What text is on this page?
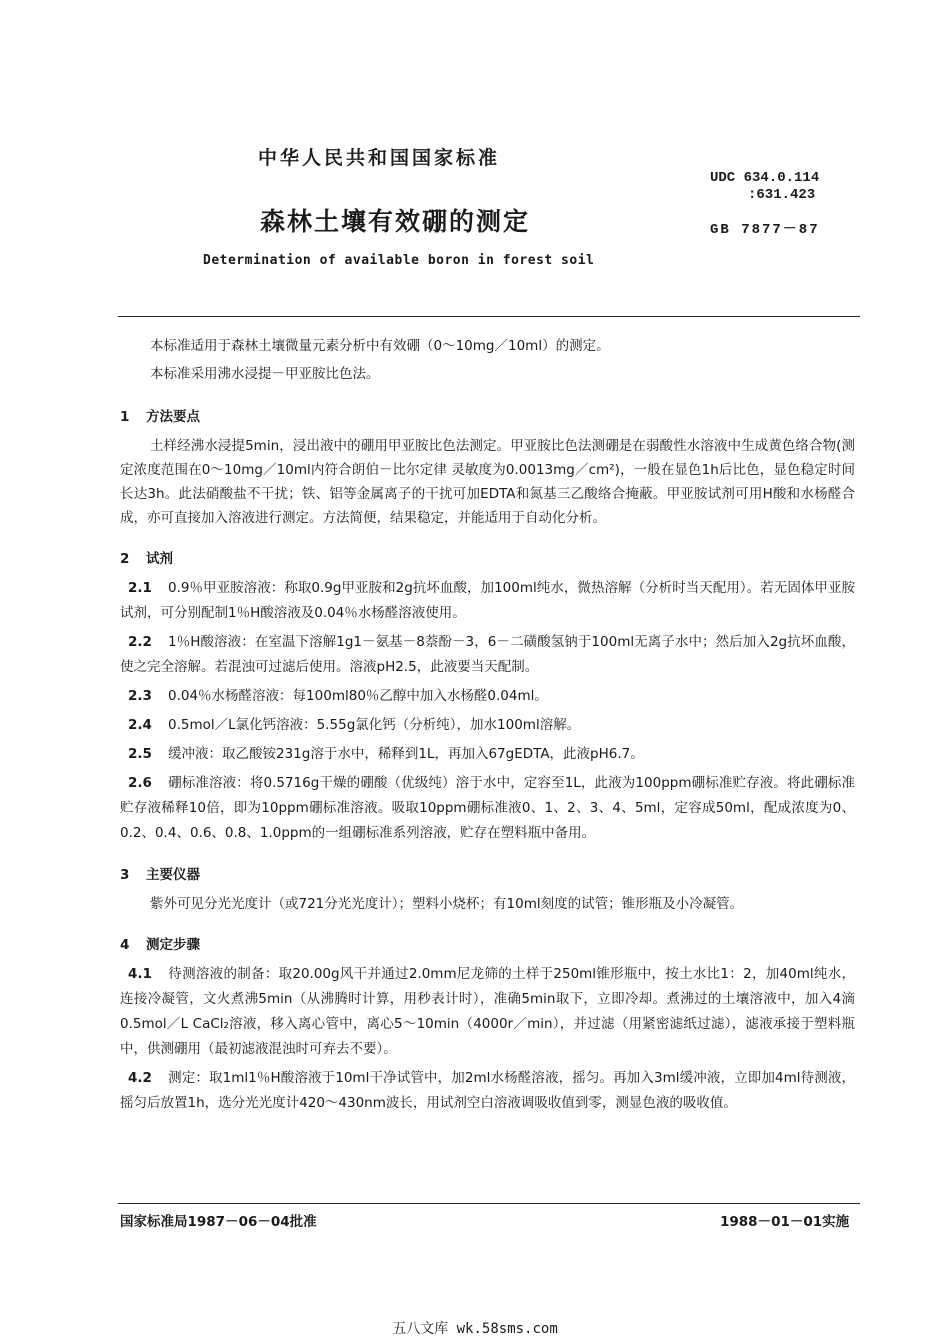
中华人民共和国国家标准
森林土壤有效硼的测定
Determination of available boron in forest soil
UDC 634.0.114
:631.423
GB 7877－87

本标准适用于森林土壤微量元素分析中有效硼（0～10mg／10ml）的测定。

本标准采用沸水浸提－甲亚胺比色法。

1 方法要点

土样经沸水浸提5min，浸出液中的硼用甲亚胺比色法测定。甲亚胺比色法测硼是在弱酸性水溶液中生成黄色络合物(测定浓度范围在0～10mg／10ml内符合朗伯－比尔定律 灵敏度为0.0013mg／cm²)，一般在显色1h后比色，显色稳定时间长达3h。此法硝酸盐不干扰；铁、铝等金属离子的干扰可加EDTA和氮基三乙酸络合掩蔽。甲亚胺试剂可用H酸和水杨醛合成，亦可直接加入溶液进行测定。方法简便，结果稳定，并能适用于自动化分析。

2 试剂
2.1 0.9％甲亚胺溶液：称取0.9g甲亚胺和2g抗坏血酸，加100ml纯水，微热溶解（分析时当天配用）。若无固体甲亚胺试剂，可分别配制1％H酸溶液及0.04％水杨醛溶液使用。
2.2 1％H酸溶液：在室温下溶解1g1－氨基－8萘酚－3，6－二磺酸氢钠于100ml无离子水中；然后加入2g抗坏血酸，使之完全溶解。若混浊可过滤后使用。溶液pH2.5，此液要当天配制。
2.3 0.04％水杨醛溶液：每100ml80％乙醇中加入水杨醛0.04ml。
2.4 0.5mol／L氯化钙溶液：5.55g氯化钙（分析纯），加水100ml溶解。
2.5 缓冲液：取乙酸铵231g溶于水中，稀释到1L，再加入67gEDTA，此液pH6.7。
2.6 硼标准溶液：将0.5716g干燥的硼酸（优级纯）溶于水中，定容至1L，此液为100ppm硼标准贮存液。将此硼标准贮存液稀释10倍，即为10ppm硼标准溶液。吸取10ppm硼标准液0、1、2、3、4、5ml，定容成50ml，配成浓度为0、0.2、0.4、0.6、0.8、1.0ppm的一组硼标准系列溶液，贮存在塑料瓶中备用。
3 主要仪器

紫外可见分光光度计（或721分光光度计）；塑料小烧杯；有10ml刻度的试管；锥形瓶及小冷凝管。

4 测定步骤
4.1 待测溶液的制备：取20.00g风干并通过2.0mm尼龙筛的土样于250ml锥形瓶中，按土水比1：2，加40ml纯水，连接冷凝管，文火煮沸5min（从沸腾时计算，用秒表计时），准确5min取下，立即冷却。煮沸过的土壤溶液中，加入4滴0.5mol／L CaCl₂溶液，移入离心管中，离心5～10min（4000r／min），并过滤（用紧密滤纸过滤），滤液承接于塑料瓶中，供测硼用（最初滤液混浊时可弃去不要）。
4.2 测定：取1ml1％H酸溶液于10ml干净试管中，加2ml水杨醛溶液，摇匀。再加入3ml缓冲液，立即加4ml待测液，摇匀后放置1h，选分光光度计420～430nm波长，用试剂空白溶液调吸收值到零，测显色液的吸收值。
国家标准局1987－06－04批准	1988－01－01实施
五八文库 wk.58sms.com
